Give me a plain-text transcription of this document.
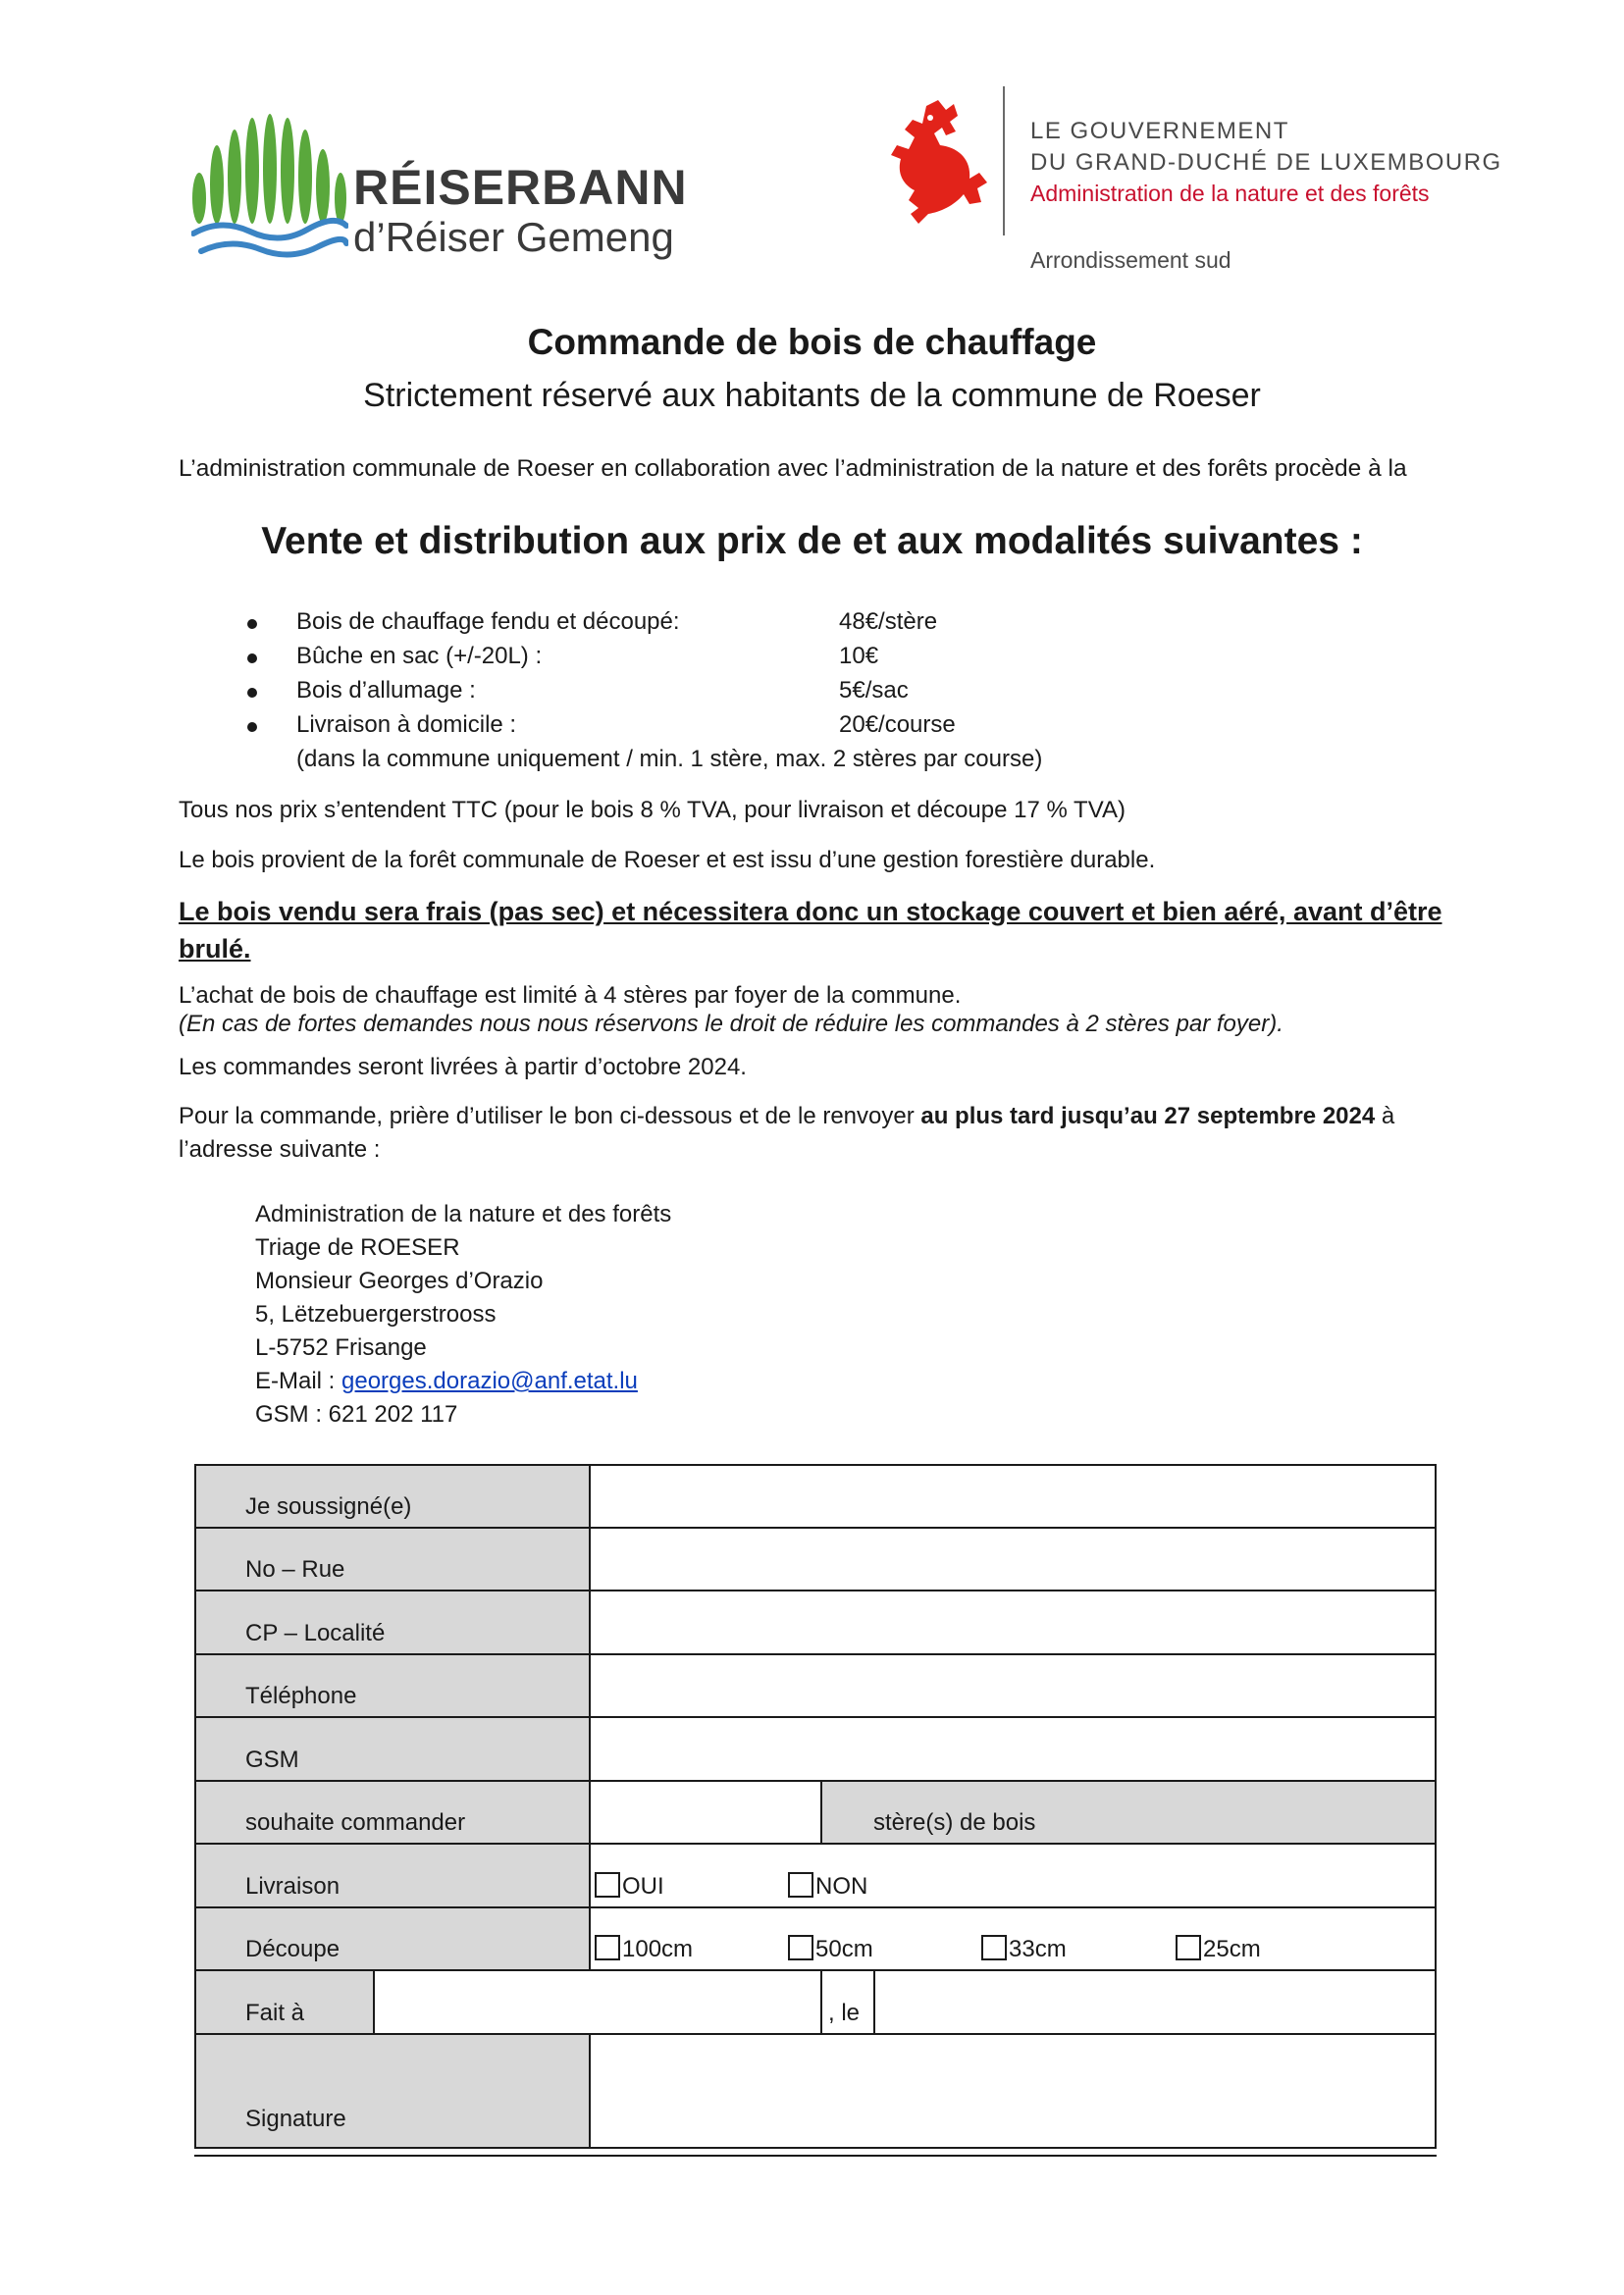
RÉISERBANN
d’Réiser Gemeng
LE GOUVERNEMENT
DU GRAND-DUCHÉ DE LUXEMBOURG
Administration de la nature et des forêts
Arrondissement sud
Commande de bois de chauffage
Strictement réservé aux habitants de la commune de Roeser
L’administration communale de Roeser en collaboration avec l’administration de la nature et des forêts procède à la
Vente et distribution aux prix de et aux modalités suivantes :
Bois de chauffage fendu et découpé:	48€/stère
Bûche en sac (+/-20L) :	10€
Bois d’allumage :	5€/sac
Livraison à domicile :	20€/course
(dans la commune uniquement / min. 1 stère, max. 2 stères par course)
Tous nos prix s’entendent TTC (pour le bois 8 % TVA, pour livraison et découpe 17 % TVA)
Le bois provient de la forêt communale de Roeser et est issu d’une gestion forestière durable.
Le bois vendu sera frais (pas sec) et nécessitera donc un stockage couvert et bien aéré, avant d’être
brulé.
L’achat de bois de chauffage est limité à 4 stères par foyer de la commune.
(En cas de fortes demandes nous nous réservons le droit de réduire les commandes à 2 stères par foyer).
Les commandes seront livrées à partir d’octobre 2024.
Pour la commande, prière d’utiliser le bon ci-dessous et de le renvoyer au plus tard jusqu’au 27 septembre 2024 à
l’adresse suivante :
Administration de la nature et des forêts
Triage de ROESER
Monsieur Georges d’Orazio
5, Lëtzebuergerstrooss
L-5752 Frisange
E-Mail : georges.dorazio@anf.etat.lu
GSM : 621 202 117
Je soussigné(e)
No – Rue
CP – Localité
Téléphone
GSM
souhaite commander	stère(s) de bois
Livraison	OUI	NON
Découpe	100cm	50cm	33cm	25cm
Fait à	, le
Signature
